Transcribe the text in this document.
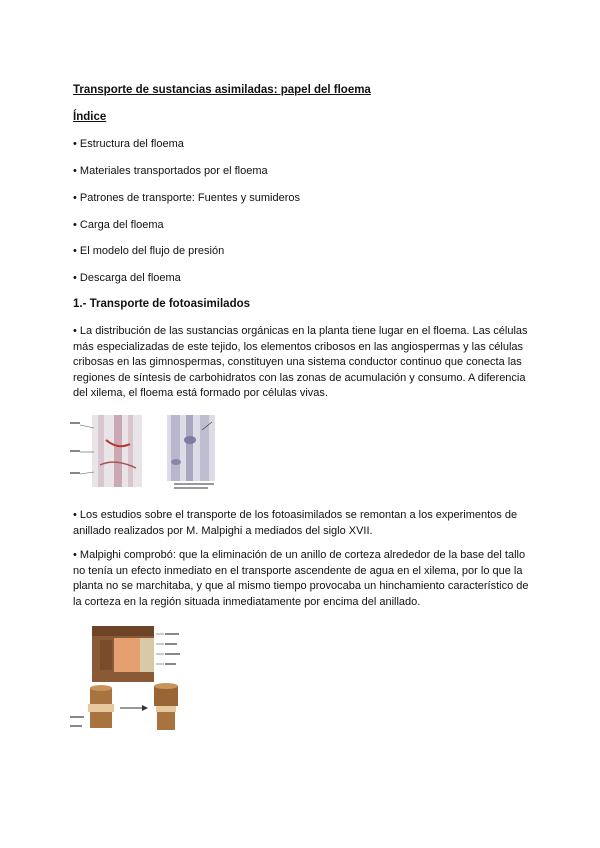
Transporte de sustancias asimiladas: papel del floema
Índice
• Estructura del floema
• Materiales transportados por el floema
• Patrones de transporte: Fuentes y sumideros
• Carga del floema
• El modelo del flujo de presión
• Descarga del floema
1.- Transporte de fotoasimilados
• La distribución de las sustancias orgánicas en la planta tiene lugar en el floema. Las células más especializadas de este tejido, los elementos cribosos en las angiospermas y las células cribosas en las gimnospermas, constituyen una sistema conductor continuo que conecta las regiones de síntesis de carbohidratos con las zonas de acumulación y consumo. A diferencia del xilema, el floema está formado por células vivas.
• Los estudios sobre el transporte de los fotoasimilados se remontan a los experimentos de anillado realizados por M. Malpighi a mediados del siglo XVII.
• Malpighi comprobó: que la eliminación de un anillo de corteza alrededor de la base del tallo no tenía un efecto inmediato en el transporte ascendente de agua en el xilema, por lo que la planta no se marchitaba, y que al mismo tiempo provocaba un hinchamiento característico de la corteza en la región situada inmediatamente por encima del anillado.
